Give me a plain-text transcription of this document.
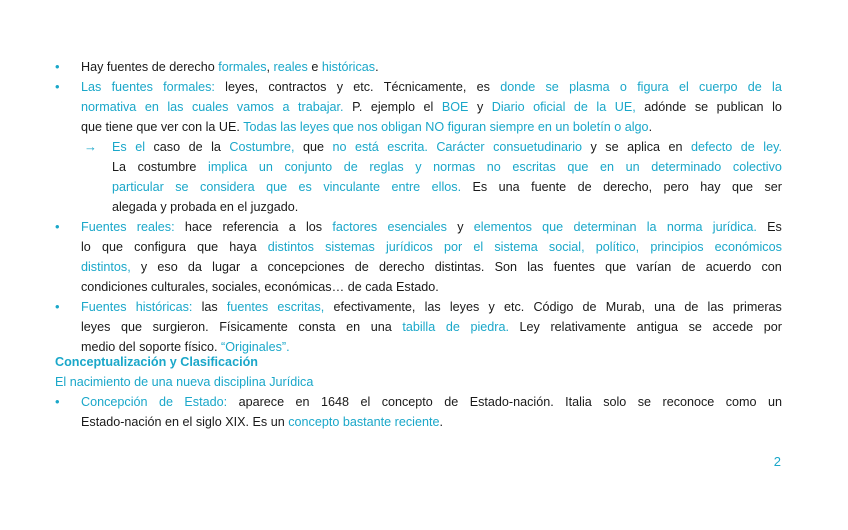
• Hay fuentes de derecho formales, reales e históricas.
• Las fuentes formales: leyes, contractos y etc. Técnicamente, es donde se plasma o figura el cuerpo de la
normativa en las cuales vamos a trabajar. P. ejemplo el BOE y Diario oficial de la UE, adónde se publican lo
que tiene que ver con la UE. Todas las leyes que nos obligan NO figuran siempre en un boletín o algo.
→ Es el caso de la Costumbre, que no está escrita. Carácter consuetudinario y se aplica en defecto de ley.
La costumbre implica un conjunto de reglas y normas no escritas que en un determinado colectivo
particular se considera que es vinculante entre ellos. Es una fuente de derecho, pero hay que ser
alegada y probada en el juzgado.
• Fuentes reales: hace referencia a los factores esenciales y elementos que determinan la norma jurídica. Es
lo que configura que haya distintos sistemas jurídicos por el sistema social, político, principios económicos
distintos, y eso da lugar a concepciones de derecho distintas. Son las fuentes que varían de acuerdo con
condiciones culturales, sociales, económicas… de cada Estado.
• Fuentes históricas: las fuentes escritas, efectivamente, las leyes y etc. Código de Murab, una de las primeras
leyes que surgieron. Físicamente consta en una tabilla de piedra. Ley relativamente antigua se accede por
medio del soporte físico. “Originales”.
Conceptualización y Clasificación
El nacimiento de una nueva disciplina Jurídica
• Concepción de Estado: aparece en 1648 el concepto de Estado-nación. Italia solo se reconoce como un
Estado-nación en el siglo XIX. Es un concepto bastante reciente.
2
